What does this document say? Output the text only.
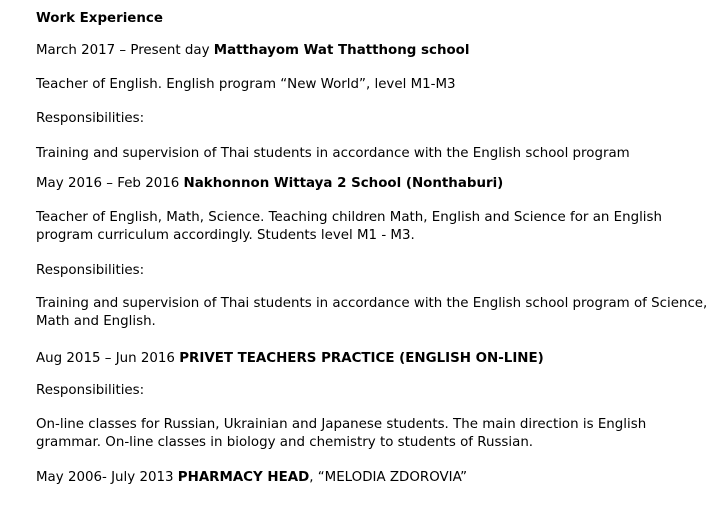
Work Experience
March 2017 – Present day Matthayom Wat Thatthong school
Teacher of English. English program “New World”, level M1-M3
Responsibilities:
Training and supervision of Thai students in accordance with the English school program
May 2016 – Feb 2016 Nakhonnon Wittaya 2 School (Nonthaburi)
Teacher of English, Math, Science. Teaching children Math, English and Science for an English program curriculum accordingly. Students level M1 - M3.
Responsibilities:
Training and supervision of Thai students in accordance with the English school program of Science, Math and English.
Aug 2015 – Jun 2016 PRIVET TEACHERS PRACTICE (ENGLISH ON-LINE)
Responsibilities:
On-line classes for Russian, Ukrainian and Japanese students. The main direction is English grammar. On-line classes in biology and chemistry to students of Russian.
May 2006- July 2013 PHARMACY HEAD, “MELODIA ZDOROVIA”
